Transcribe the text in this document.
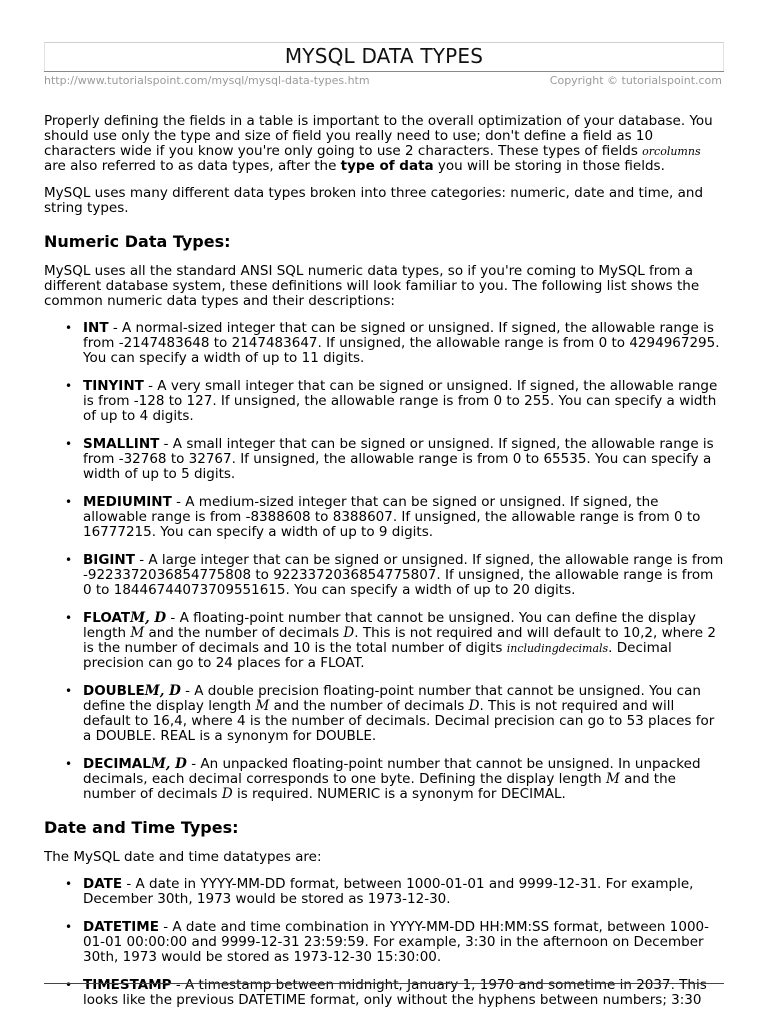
MYSQL DATA TYPES
http://www.tutorialspoint.com/mysql/mysql-data-types.htm	Copyright © tutorialspoint.com

Properly defining the fields in a table is important to the overall optimization of your database. You should use only the type and size of field you really need to use; don't define a field as 10 characters wide if you know you're only going to use 2 characters. These types of fields orcolumns are also referred to as data types, after the type of data you will be storing in those fields.

MySQL uses many different data types broken into three categories: numeric, date and time, and string types.

Numeric Data Types:

MySQL uses all the standard ANSI SQL numeric data types, so if you're coming to MySQL from a different database system, these definitions will look familiar to you. The following list shows the common numeric data types and their descriptions:

• INT - A normal-sized integer that can be signed or unsigned. If signed, the allowable range is from -2147483648 to 2147483647. If unsigned, the allowable range is from 0 to 4294967295. You can specify a width of up to 11 digits.
• TINYINT - A very small integer that can be signed or unsigned. If signed, the allowable range is from -128 to 127. If unsigned, the allowable range is from 0 to 255. You can specify a width of up to 4 digits.
• SMALLINT - A small integer that can be signed or unsigned. If signed, the allowable range is from -32768 to 32767. If unsigned, the allowable range is from 0 to 65535. You can specify a width of up to 5 digits.
• MEDIUMINT - A medium-sized integer that can be signed or unsigned. If signed, the allowable range is from -8388608 to 8388607. If unsigned, the allowable range is from 0 to 16777215. You can specify a width of up to 9 digits.
• BIGINT - A large integer that can be signed or unsigned. If signed, the allowable range is from -9223372036854775808 to 9223372036854775807. If unsigned, the allowable range is from 0 to 18446744073709551615. You can specify a width of up to 20 digits.
• FLOATM, D - A floating-point number that cannot be unsigned. You can define the display length M and the number of decimals D. This is not required and will default to 10,2, where 2 is the number of decimals and 10 is the total number of digits includingdecimals. Decimal precision can go to 24 places for a FLOAT.
• DOUBLEM, D - A double precision floating-point number that cannot be unsigned. You can define the display length M and the number of decimals D. This is not required and will default to 16,4, where 4 is the number of decimals. Decimal precision can go to 53 places for a DOUBLE. REAL is a synonym for DOUBLE.
• DECIMALM, D - An unpacked floating-point number that cannot be unsigned. In unpacked decimals, each decimal corresponds to one byte. Defining the display length M and the number of decimals D is required. NUMERIC is a synonym for DECIMAL.
Date and Time Types:

The MySQL date and time datatypes are:

• DATE - A date in YYYY-MM-DD format, between 1000-01-01 and 9999-12-31. For example, December 30th, 1973 would be stored as 1973-12-30.
• DATETIME - A date and time combination in YYYY-MM-DD HH:MM:SS format, between 1000-01-01 00:00:00 and 9999-12-31 23:59:59. For example, 3:30 in the afternoon on December 30th, 1973 would be stored as 1973-12-30 15:30:00.
• TIMESTAMP - A timestamp between midnight, January 1, 1970 and sometime in 2037. This looks like the previous DATETIME format, only without the hyphens between numbers; 3:30
